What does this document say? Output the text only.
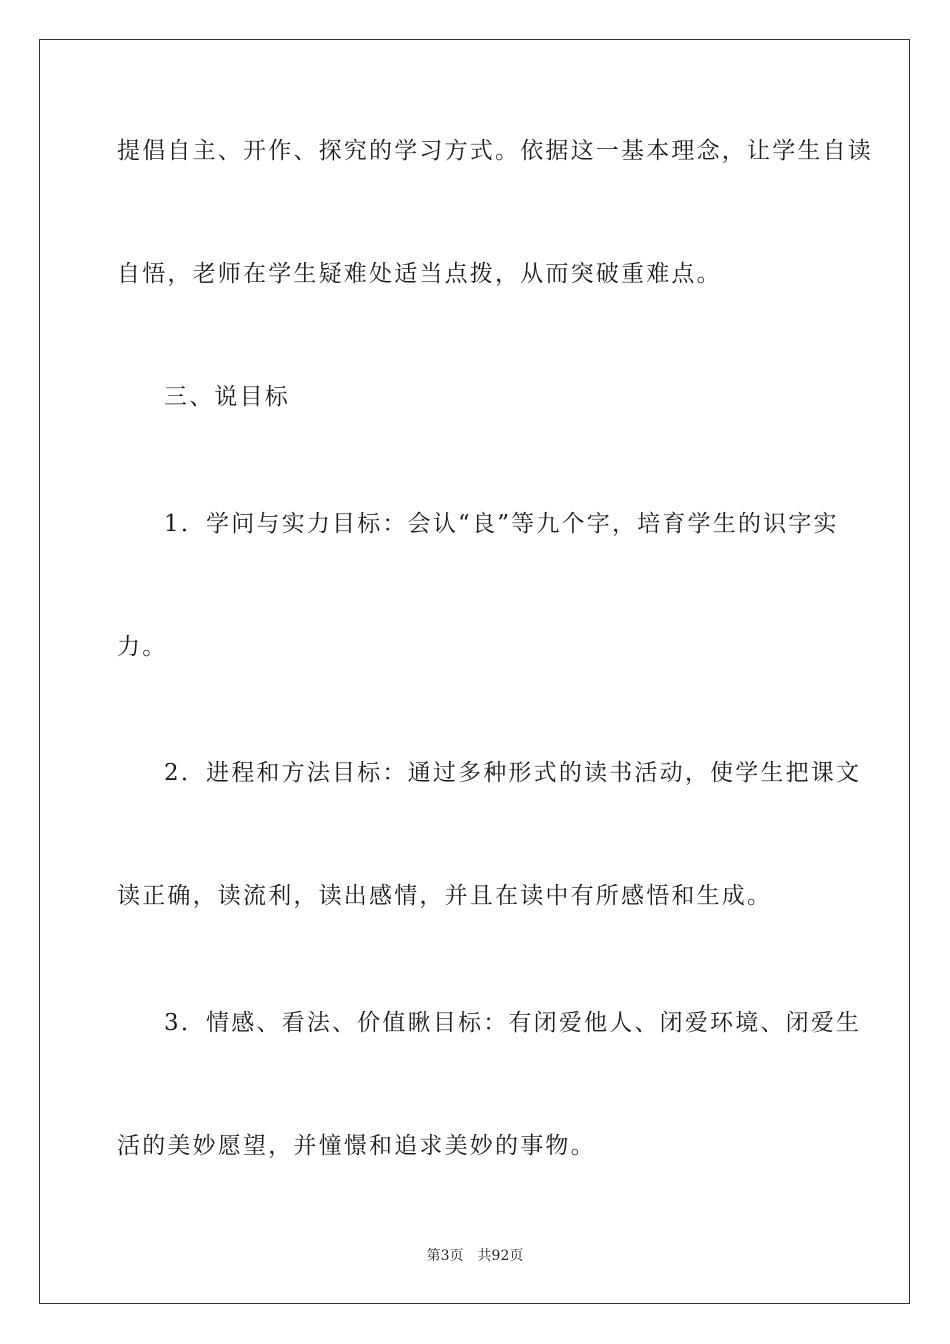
提倡自主、开作、探究的学习方式。依据这一基本理念，让学生自读
自悟，老师在学生疑难处适当点拨，从而突破重难点。
三、说目标
1．学问与实力目标：会认“良”等九个字，培育学生的识字实
力。
2．进程和方法目标：通过多种形式的读书活动，使学生把课文
读正确，读流利，读出感情，并且在读中有所感悟和生成。
3．情感、看法、价值瞅目标：有闭爱他人、闭爱环境、闭爱生
活的美妙愿望，并憧憬和追求美妙的事物。
第3页 共92页
